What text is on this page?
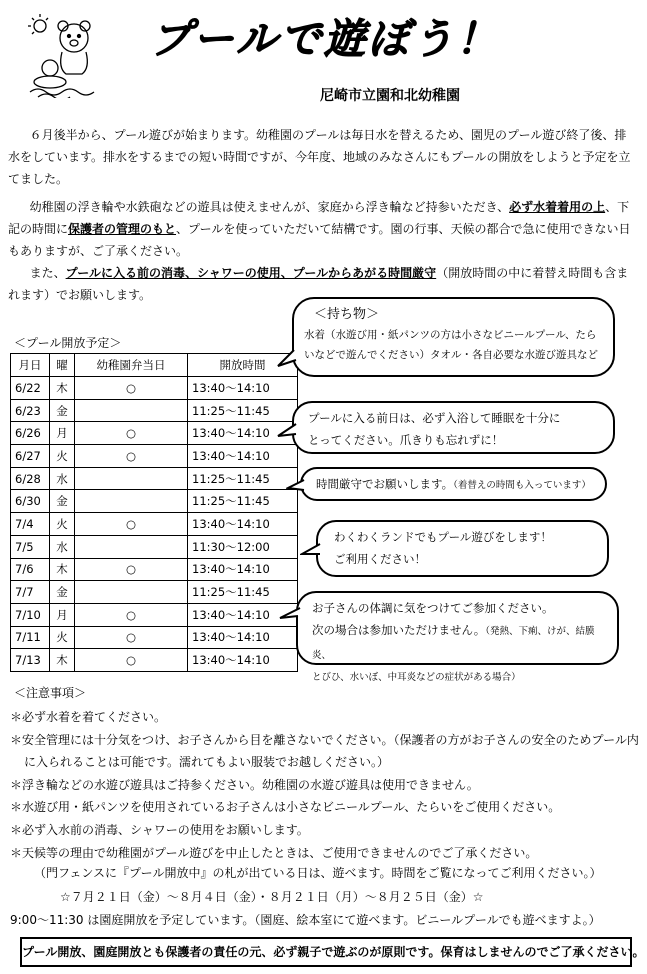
プールで遊ぼう！
尼崎市立園和北幼稚園

６月後半から、プール遊びが始まります。幼稚園のプールは毎日水を替えるため、園児のプール遊び終了後、排水をしています。排水をするまでの短い時間ですが、今年度、地域のみなさんにもプールの開放をしようと予定を立てました。

幼稚園の浮き輪や水鉄砲などの遊具は使えませんが、家庭から浮き輪など持参いただき、必ず水着着用の上、下記の時間に保護者の管理のもと、プールを使っていただいて結構です。園の行事、天候の都合で急に使用できない日もありますが、ご了承ください。

また、プールに入る前の消毒、シャワーの使用、プールからあがる時間厳守（開放時間の中に着替え時間も含まれます）でお願いします。

＜プール開放予定＞
月日	曜	幼稚園弁当日	開放時間
6/22	木	○	13:40～14:10
6/23	金		11:25～11:45
6/26	月	○	13:40～14:10
6/27	火	○	13:40～14:10
6/28	水		11:25～11:45
6/30	金		11:25～11:45
7/4	火	○	13:40～14:10
7/5	水		11:30～12:00
7/6	木	○	13:40～14:10
7/7	金		11:25～11:45
7/10	月	○	13:40～14:10
7/11	火	○	13:40～14:10
7/13	木	○	13:40～14:10
＜持ち物＞
水着（水遊び用・紙パンツの方は小さなビニールプール、たらいなどで遊んでください）タオル・各自必要な水遊び遊具など
プールに入る前日は、必ず入浴して睡眠を十分に
とってください。爪きりも忘れずに！
時間厳守でお願いします。（着替えの時間も入っています）
わくわくランドでもプール遊びをします！
ご利用ください！
お子さんの体調に気をつけてご参加ください。
次の場合は参加いただけません。（発熱、下痢、けが、結膜炎、
とびひ、水いぼ、中耳炎などの症状がある場合）
＜注意事項＞
＊必ず水着を着てください。
＊安全管理には十分気をつけ、お子さんから目を離さないでください。（保護者の方がお子さんの安全のためプール内に入られることは可能です。濡れてもよい服装でお越しください。）
＊浮き輪などの水遊び遊具はご持参ください。幼稚園の水遊び遊具は使用できません。
＊水遊び用・紙パンツを使用されているお子さんは小さなビニールプール、たらいをご使用ください。
＊必ず入水前の消毒、シャワーの使用をお願いします。
＊天候等の理由で幼稚園がプール遊びを中止したときは、ご使用できませんのでご了承ください。
（門フェンスに『プール開放中』の札が出ている日は、遊べます。時間をご覧になってご利用ください。）
☆７月２１日（金）～８月４日（金）・８月２１日（月）～８月２５日（金）☆
9:00～11:30 は園庭開放を予定しています。（園庭、絵本室にて遊べます。ビニールプールでも遊べますよ。）
プール開放、園庭開放とも保護者の責任の元、必ず親子で遊ぶのが原則です。保育はしませんのでご了承ください。
